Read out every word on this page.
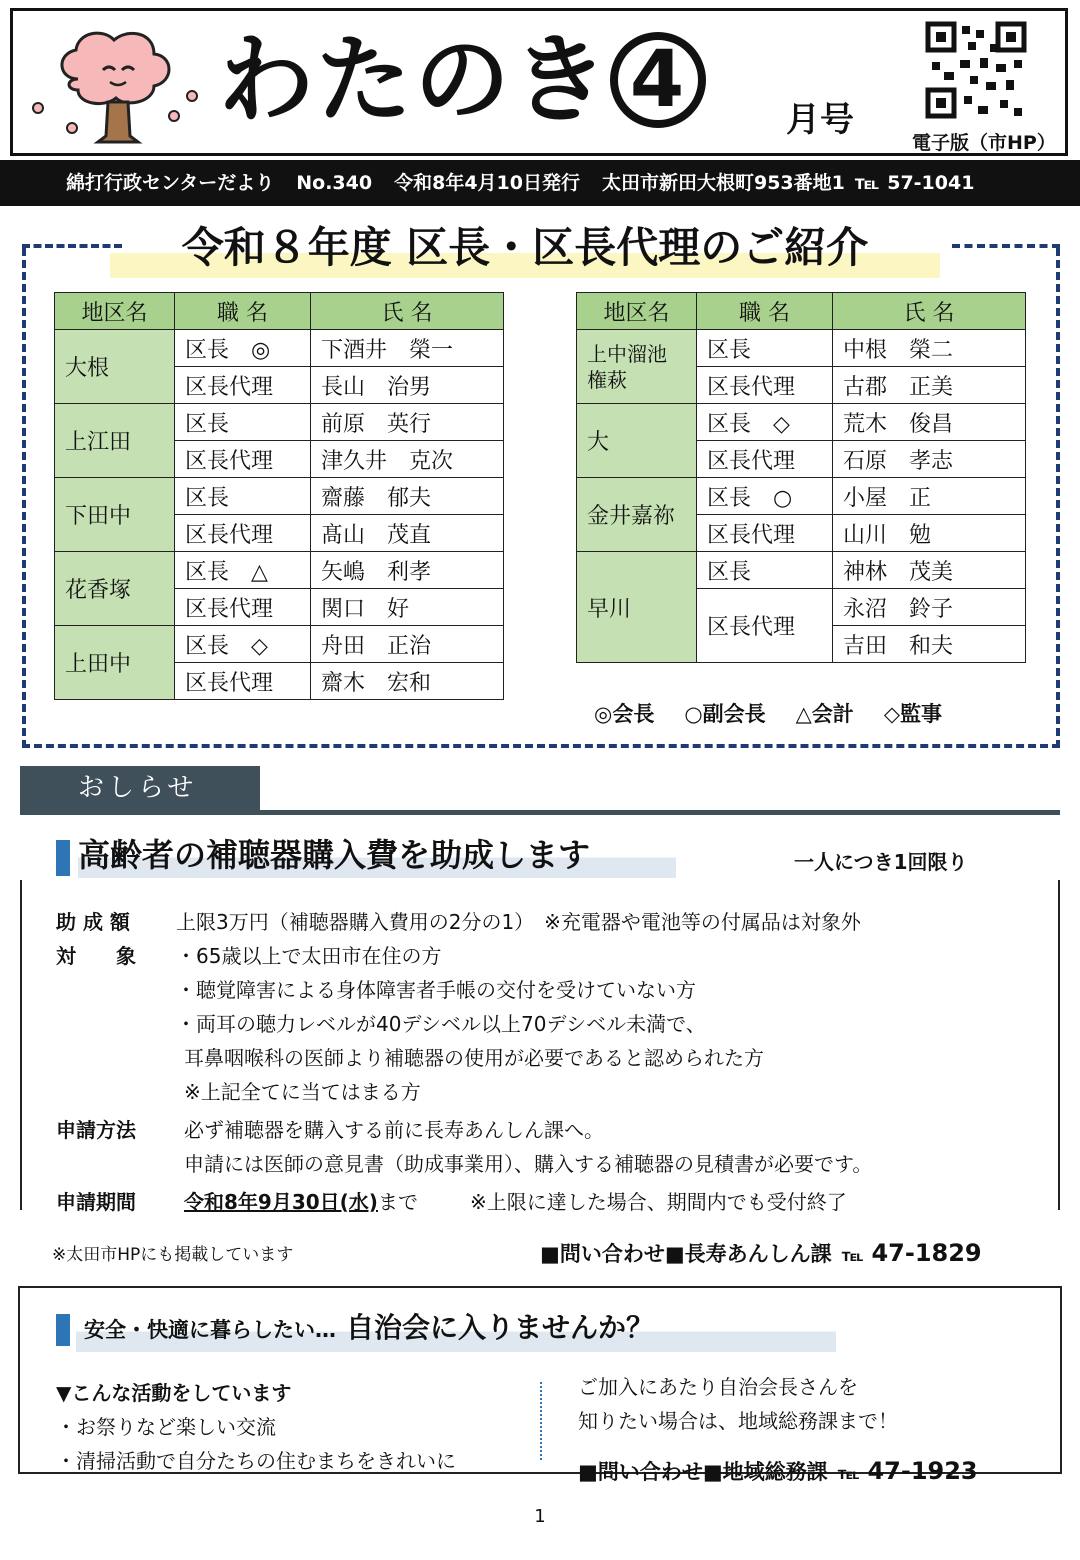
わたのき 4	月号
電子版（市HP）
綿打行政センターだより No.340 令和8年4月10日発行 太田市新田大根町953番地1 ℡ 57-1041
令和８年度 区長・区長代理のご紹介
地区名	職 名	氏 名
大根	区長　◎	下酒井　榮一
	区長代理	長山　治男
上江田	区長	前原　英行
	区長代理	津久井　克次
下田中	区長	齋藤　郁夫
	区長代理	髙山　茂直
花香塚	区長　△	矢嶋　利孝
	区長代理	関口　好
上田中	区長　◇	舟田　正治
	区長代理	齋木　宏和
地区名	職 名	氏 名
上中溜池
権萩	区長	中根　榮二
	区長代理	古郡　正美
大	区長　◇	荒木　俊昌
	区長代理	石原　孝志
金井嘉祢	区長　○	小屋　正
	区長代理	山川　勉
早川	区長	神林　茂美
	区長代理	永沼　鈴子
		吉田　和夫
◎会長 ○副会長 △会計 ◇監事
おしらせ
高齢者の補聴器購入費を助成します	一人につき1回限り
助 成 額 上限3万円（補聴器購入費用の2分の1）　※充電器や電池等の付属品は対象外
対　　象 ・65歳以上で太田市在住の方
・聴覚障害による身体障害者手帳の交付を受けていない方
・両耳の聴力レベルが40デシベル以上70デシベル未満で、
耳鼻咽喉科の医師より補聴器の使用が必要であると認められた方
※上記全てに当てはまる方
申請方法 必ず補聴器を購入する前に長寿あんしん課へ。
申請には医師の意見書（助成事業用）、購入する補聴器の見積書が必要です。
申請期間 令和8年9月30日(水)まで	※上限に達した場合、期間内でも受付終了
※太田市HPにも掲載しています	■問い合わせ■長寿あんしん課 ℡ 47-1829
安全・快適に暮らしたい… 自治会に入りませんか？
▼こんな活動をしています
・お祭りなど楽しい交流
・清掃活動で自分たちの住むまちをきれいに
ご加入にあたり自治会長さんを
知りたい場合は、地域総務課まで！
■問い合わせ■地域総務課 ℡ 47-1923
1
